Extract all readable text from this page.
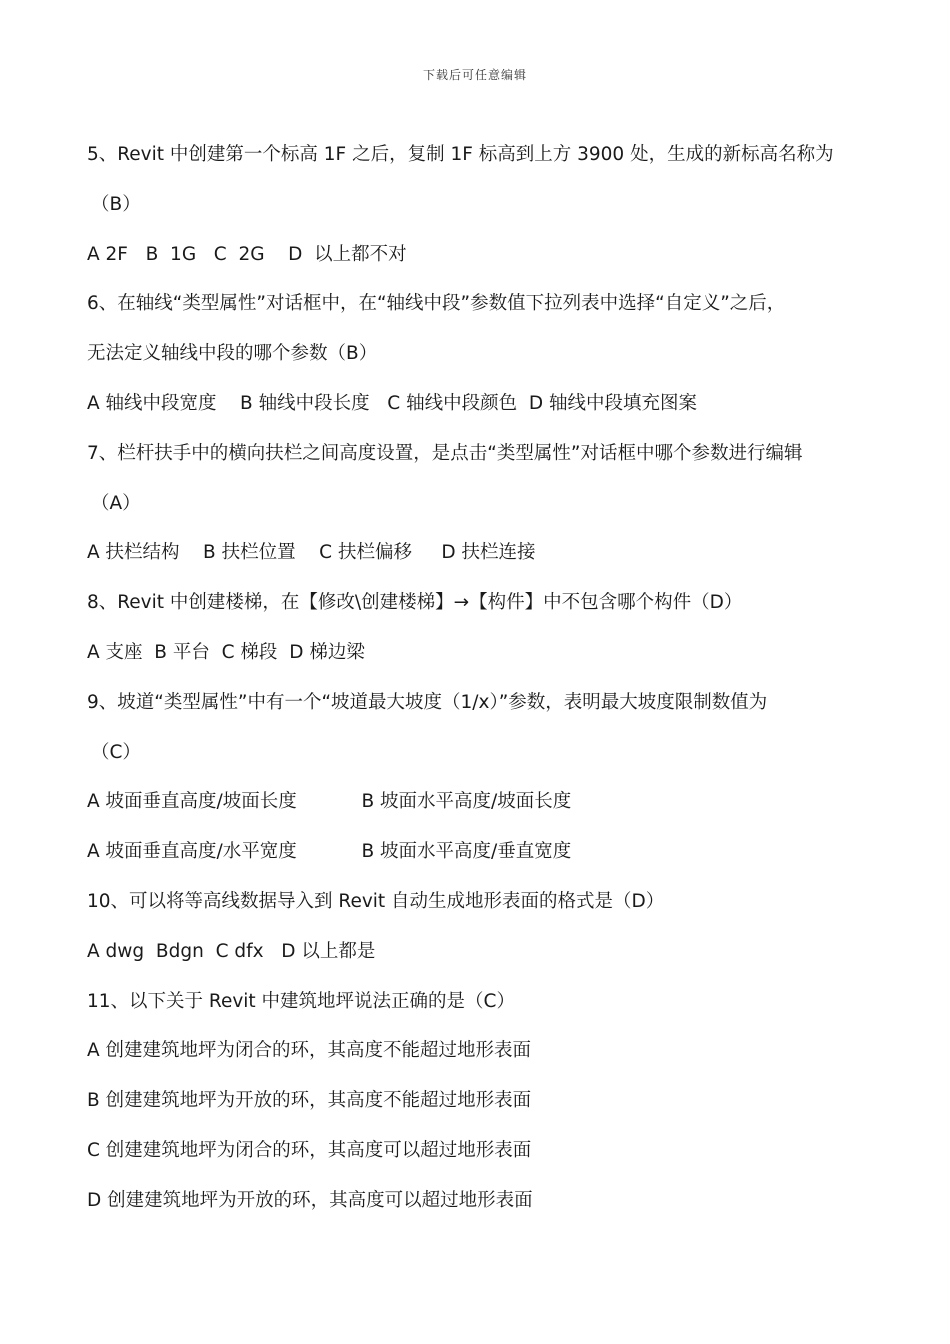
下载后可任意编辑
5、Revit 中创建第一个标高 1F 之后，复制 1F 标高到上方 3900 处，生成的新标高名称为
（B）
A 2F   B  1G   C  2G    D  以上都不对
6、在轴线“类型属性”对话框中，在“轴线中段”参数值下拉列表中选择“自定义”之后，
无法定义轴线中段的哪个参数（B）
A 轴线中段宽度    B 轴线中段长度   C 轴线中段颜色  D 轴线中段填充图案
7、栏杆扶手中的横向扶栏之间高度设置，是点击“类型属性”对话框中哪个参数进行编辑
（A）
A 扶栏结构    B 扶栏位置    C 扶栏偏移     D 扶栏连接
8、Revit 中创建楼梯，在【修改\创建楼梯】→【构件】中不包含哪个构件（D）
A 支座  B 平台  C 梯段  D 梯边梁
9、坡道“类型属性”中有一个“坡道最大坡度（1/x）”参数，表明最大坡度限制数值为
（C）
A 坡面垂直高度/坡面长度           B 坡面水平高度/坡面长度
A 坡面垂直高度/水平宽度           B 坡面水平高度/垂直宽度
10、可以将等高线数据导入到 Revit 自动生成地形表面的格式是（D）
A dwg  Bdgn  C dfx   D 以上都是
11、以下关于 Revit 中建筑地坪说法正确的是（C）
A 创建建筑地坪为闭合的环，其高度不能超过地形表面
B 创建建筑地坪为开放的环，其高度不能超过地形表面
C 创建建筑地坪为闭合的环，其高度可以超过地形表面
D 创建建筑地坪为开放的环，其高度可以超过地形表面
